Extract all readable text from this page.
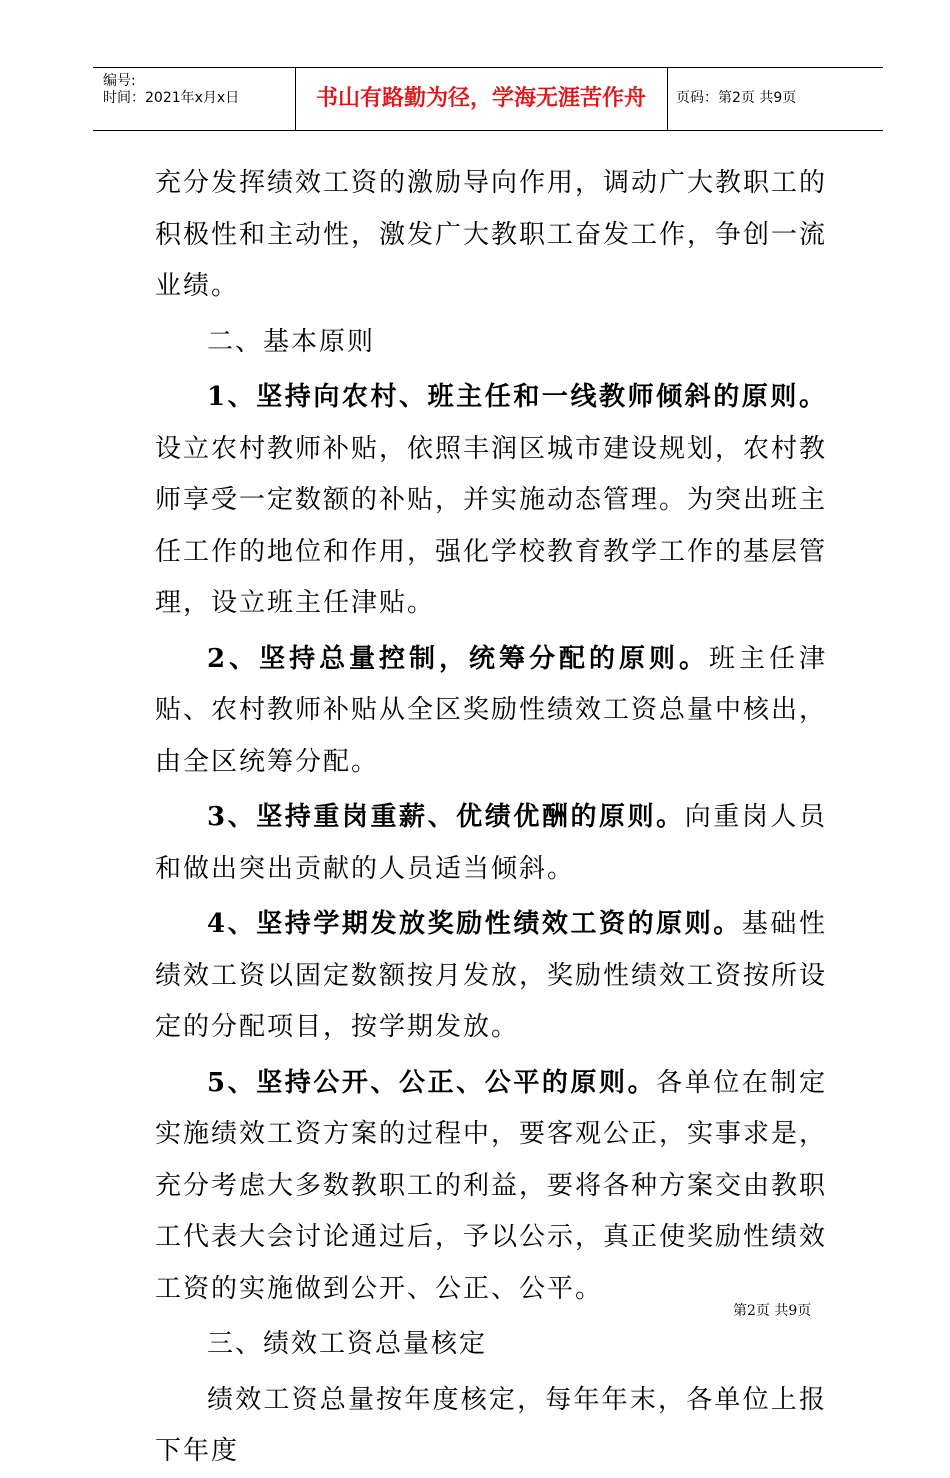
编号:
时间：2021年x月x日	书山有路勤为径，学海无涯苦作舟	页码：第2页 共9页

充分发挥绩效工资的激励导向作用，调动广大教职工的积极性和主动性，激发广大教职工奋发工作，争创一流业绩。

二、基本原则

1、坚持向农村、班主任和一线教师倾斜的原则。设立农村教师补贴，依照丰润区城市建设规划，农村教师享受一定数额的补贴，并实施动态管理。为突出班主任工作的地位和作用，强化学校教育教学工作的基层管理，设立班主任津贴。

2、坚持总量控制，统筹分配的原则。班主任津贴、农村教师补贴从全区奖励性绩效工资总量中核出，由全区统筹分配。

3、坚持重岗重薪、优绩优酬的原则。向重岗人员和做出突出贡献的人员适当倾斜。

4、坚持学期发放奖励性绩效工资的原则。基础性绩效工资以固定数额按月发放，奖励性绩效工资按所设定的分配项目，按学期发放。

5、坚持公开、公正、公平的原则。各单位在制定实施绩效工资方案的过程中，要客观公正，实事求是，充分考虑大多数教职工的利益，要将各种方案交由教职工代表大会讨论通过后，予以公示，真正使奖励性绩效工资的实施做到公开、公正、公平。

三、绩效工资总量核定

绩效工资总量按年度核定，每年年末，各单位上报下年度

第2页 共9页
